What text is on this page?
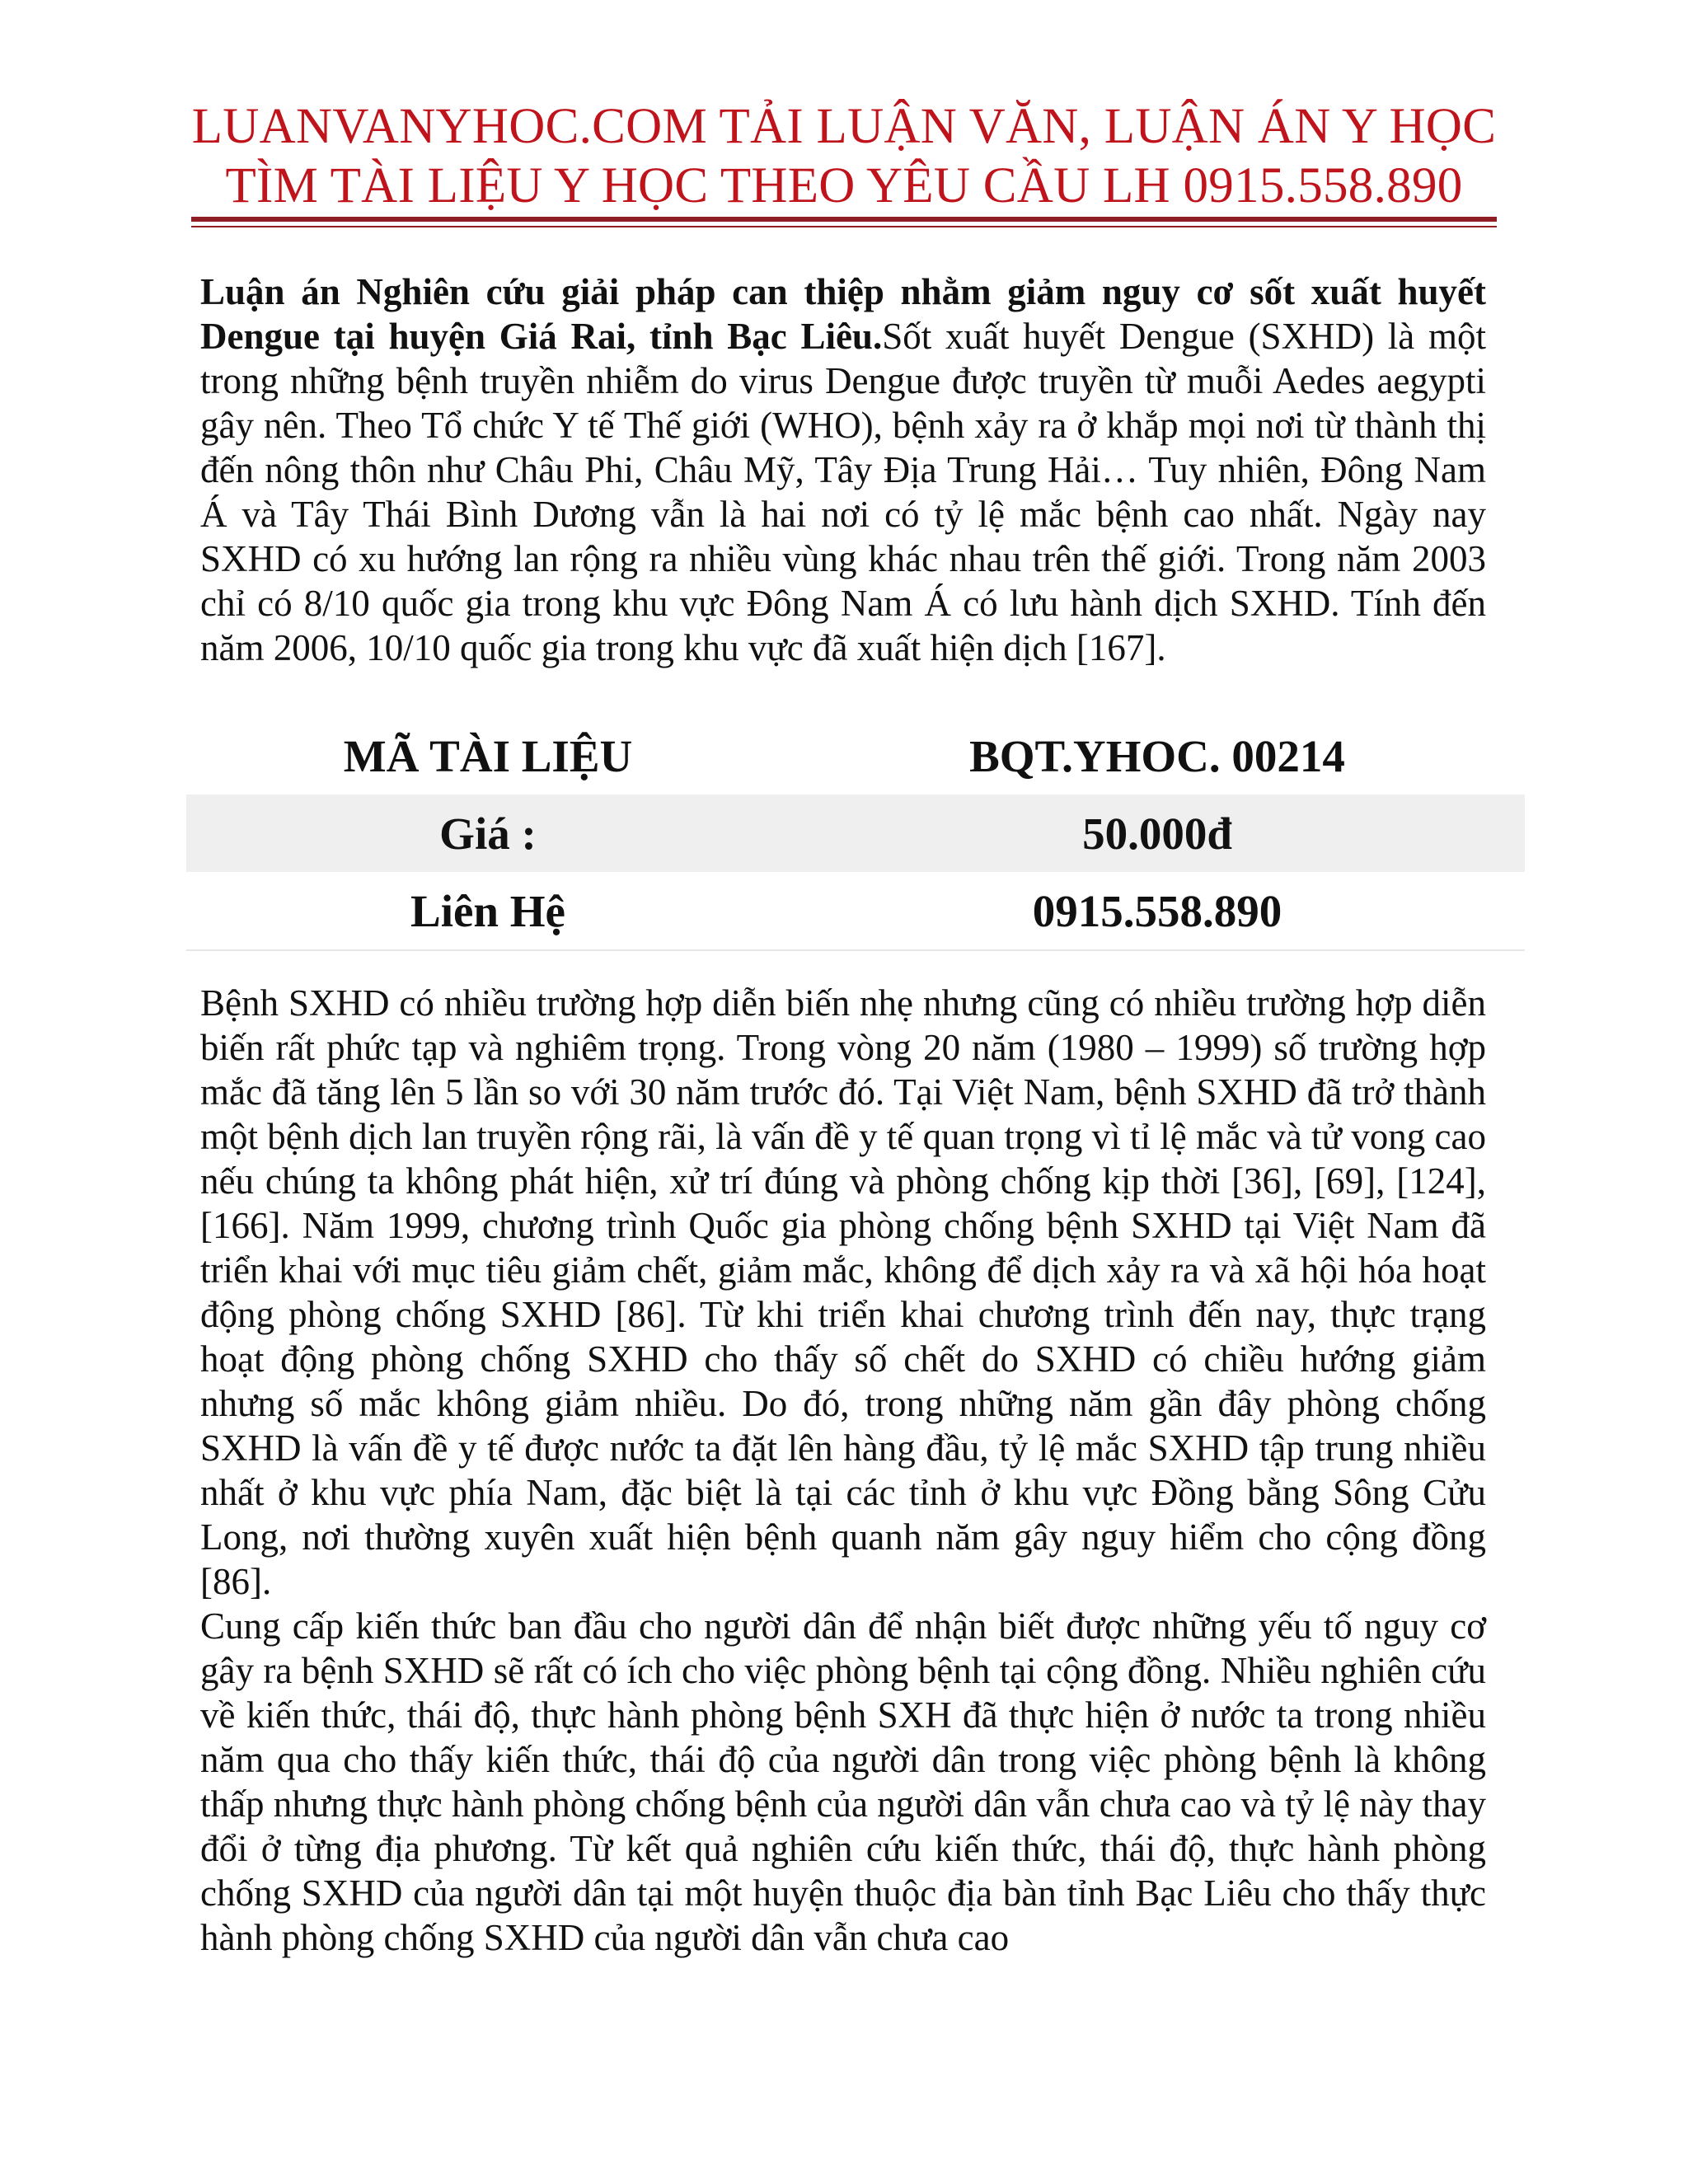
LUANVANYHOC.COM TẢI LUẬN VĂN, LUẬN ÁN Y HỌC
TÌM TÀI LIỆU Y HỌC THEO YÊU CẦU LH 0915.558.890

Luận án Nghiên cứu giải pháp can thiệp nhằm giảm nguy cơ sốt xuất huyết Dengue tại huyện Giá Rai, tỉnh Bạc Liêu.Sốt xuất huyết Dengue (SXHD) là một trong những bệnh truyền nhiễm do virus Dengue được truyền từ muỗi Aedes aegypti gây nên. Theo Tổ chức Y tế Thế giới (WHO), bệnh xảy ra ở khắp mọi nơi từ thành thị đến nông thôn như Châu Phi, Châu Mỹ, Tây Địa Trung Hải… Tuy nhiên, Đông Nam Á và Tây Thái Bình Dương vẫn là hai nơi có tỷ lệ mắc bệnh cao nhất. Ngày nay SXHD có xu hướng lan rộng ra nhiều vùng khác nhau trên thế giới. Trong năm 2003 chỉ có 8/10 quốc gia trong khu vực Đông Nam Á có lưu hành dịch SXHD. Tính đến năm 2006, 10/10 quốc gia trong khu vực đã xuất hiện dịch [167].

MÃ TÀI LIỆU	BQT.YHOC. 00214
Giá :	50.000đ
Liên Hệ	0915.558.890

Bệnh SXHD có nhiều trường hợp diễn biến nhẹ nhưng cũng có nhiều trường hợp diễn biến rất phức tạp và nghiêm trọng. Trong vòng 20 năm (1980 – 1999) số trường hợp mắc đã tăng lên 5 lần so với 30 năm trước đó. Tại Việt Nam, bệnh SXHD đã trở thành một bệnh dịch lan truyền rộng rãi, là vấn đề y tế quan trọng vì tỉ lệ mắc và tử vong cao nếu chúng ta không phát hiện, xử trí đúng và phòng chống kịp thời [36], [69], [124], [166]. Năm 1999, chương trình Quốc gia phòng chống bệnh SXHD tại Việt Nam đã triển khai với mục tiêu giảm chết, giảm mắc, không để dịch xảy ra và xã hội hóa hoạt động phòng chống SXHD [86]. Từ khi triển khai chương trình đến nay, thực trạng hoạt động phòng chống SXHD cho thấy số chết do SXHD có chiều hướng giảm nhưng số mắc không giảm nhiều. Do đó, trong những năm gần đây phòng chống SXHD là vấn đề y tế được nước ta đặt lên hàng đầu, tỷ lệ mắc SXHD tập trung nhiều nhất ở khu vực phía Nam, đặc biệt là tại các tỉnh ở khu vực Đồng bằng Sông Cửu Long, nơi thường xuyên xuất hiện bệnh quanh năm gây nguy hiểm cho cộng đồng [86].

Cung cấp kiến thức ban đầu cho người dân để nhận biết được những yếu tố nguy cơ gây ra bệnh SXHD sẽ rất có ích cho việc phòng bệnh tại cộng đồng. Nhiều nghiên cứu về kiến thức, thái độ, thực hành phòng bệnh SXH đã thực hiện ở nước ta trong nhiều năm qua cho thấy kiến thức, thái độ của người dân trong việc phòng bệnh là không thấp nhưng thực hành phòng chống bệnh của người dân vẫn chưa cao và tỷ lệ này thay đổi ở từng địa phương. Từ kết quả nghiên cứu kiến thức, thái độ, thực hành phòng chống SXHD của người dân tại một huyện thuộc địa bàn tỉnh Bạc Liêu cho thấy thực hành phòng chống SXHD của người dân vẫn chưa cao
